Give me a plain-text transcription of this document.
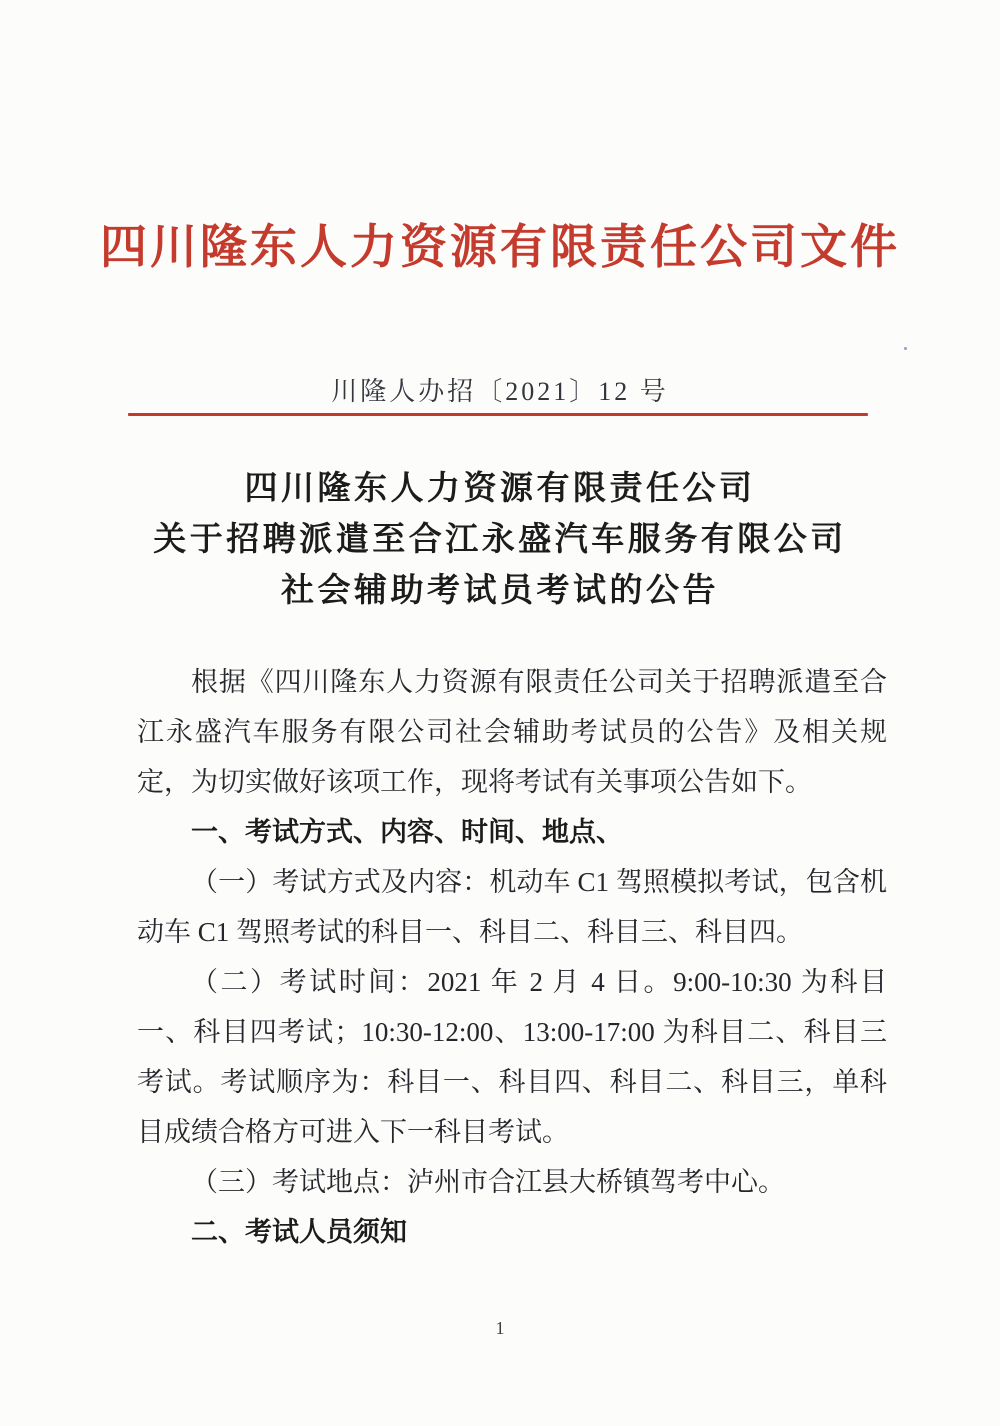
四川隆东人力资源有限责任公司文件
川隆人办招〔2021〕12 号
四川隆东人力资源有限责任公司
关于招聘派遣至合江永盛汽车服务有限公司
社会辅助考试员考试的公告

根据《四川隆东人力资源有限责任公司关于招聘派遣至合江永盛汽车服务有限公司社会辅助考试员的公告》及相关规定，为切实做好该项工作，现将考试有关事项公告如下。

一、考试方式、内容、时间、地点、

（一）考试方式及内容：机动车 C1 驾照模拟考试，包含机动车 C1 驾照考试的科目一、科目二、科目三、科目四。

（二）考试时间：2021 年 2 月 4 日。9:00-10:30 为科目一、科目四考试；10:30-12:00、13:00-17:00 为科目二、科目三考试。考试顺序为：科目一、科目四、科目二、科目三，单科目成绩合格方可进入下一科目考试。

（三）考试地点：泸州市合江县大桥镇驾考中心。

二、考试人员须知

1
